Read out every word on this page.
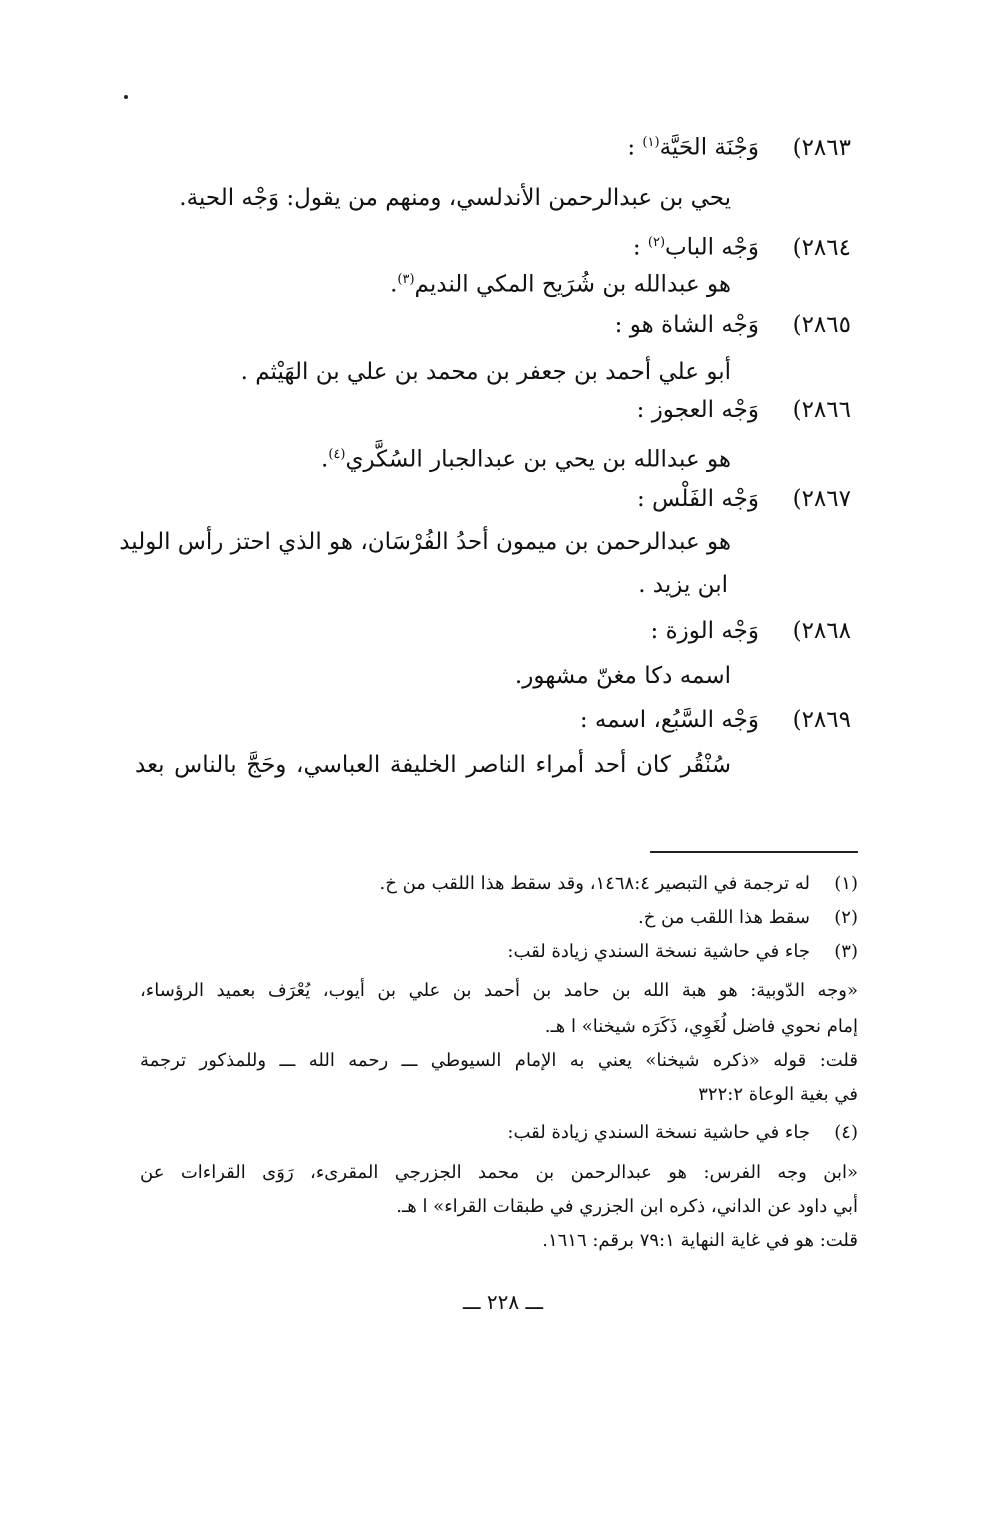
٢٨٦٣)وَجْنَة الحَيَّة$^{(١)}$ :
يحي بن عبدالرحمن الأندلسي، ومنهم من يقول: وَجْه الحية.
٢٨٦٤)وَجْه الباب$^{(٢)}$ :
هو عبدالله بن شُرَيح المكي النديم$^{(٣)}$.
٢٨٦٥)وَجْه الشاة هو :
أبو علي أحمد بن جعفر بن محمد بن علي بن الهَيْثم .
٢٨٦٦)وَجْه العجوز :
هو عبدالله بن يحي بن عبدالجبار السُكَّري$^{(٤)}$.
٢٨٦٧)وَجْه الفَلْس :
هو عبدالرحمن بن ميمون أحدُ الفُرْسَان، هو الذي احتز رأس الوليد
ابن يزيد .
٢٨٦٨)وَجْه الوزة :
اسمه دكا مغنّ مشهور.
٢٨٦٩)وَجْه السَّبُع، اسمه :
سُنْقُر كان أحد أمراء الناصر الخليفة العباسي، وحَجَّ بالناس بعد
(١)له ترجمة في التبصير ١٤٦٨:٤، وقد سقط هذا اللقب من خ.
(٢)سقط هذا اللقب من خ.
(٣)جاء في حاشية نسخة السندي زيادة لقب:
«وجه الدّوبية: هو هبة الله بن حامد بن أحمد بن علي بن أيوب، يُعْرَف بعميد الرؤساء،
إمام نحوي فاضل لُغَوِي، ذَكَرَه شيخنا» ا هـ.
قلت: قوله «ذكره شيخنا» يعني به الإمام السيوطي ـــ رحمه الله ـــ وللمذكور ترجمة
في بغية الوعاة ٣٢٢:٢
(٤)جاء في حاشية نسخة السندي زيادة لقب:
«ابن وجه الفرس: هو عبدالرحمن بن محمد الجزرجي المقرىء، رَوَى القراءات عن
أبي داود عن الداني، ذكره ابن الجزري في طبقات القراء» ا هـ.
قلت: هو في غاية النهاية ٧٩:١ برقم: ١٦١٦.
ـــ ٢٢٨ ـــ
